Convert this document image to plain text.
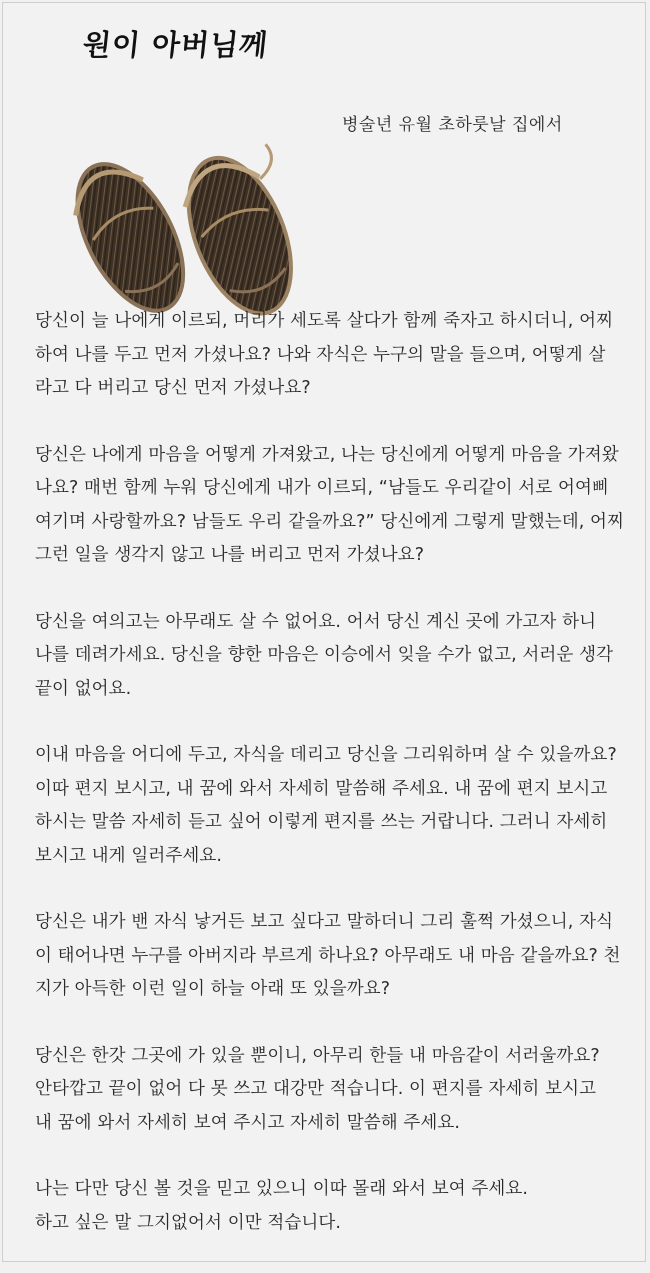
원이 아버님께
병술년 유월 초하룻날 집에서

당신이 늘 나에게 이르되, 머리가 세도록 살다가 함께 죽자고 하시더니, 어찌
하여 나를 두고 먼저 가셨나요? 나와 자식은 누구의 말을 들으며, 어떻게 살
라고 다 버리고 당신 먼저 가셨나요?

당신은 나에게 마음을 어떻게 가져왔고, 나는 당신에게 어떻게 마음을 가져왔
나요? 매번 함께 누워 당신에게 내가 이르되, “남들도 우리같이 서로 어여삐
여기며 사랑할까요? 남들도 우리 같을까요?” 당신에게 그렇게 말했는데, 어찌
그런 일을 생각지 않고 나를 버리고 먼저 가셨나요?

당신을 여의고는 아무래도 살 수 없어요. 어서 당신 계신 곳에 가고자 하니
나를 데려가세요. 당신을 향한 마음은 이승에서 잊을 수가 없고, 서러운 생각
끝이 없어요.

이내 마음을 어디에 두고, 자식을 데리고 당신을 그리워하며 살 수 있을까요?
이따 편지 보시고, 내 꿈에 와서 자세히 말씀해 주세요. 내 꿈에 편지 보시고
하시는 말씀 자세히 듣고 싶어 이렇게 편지를 쓰는 거랍니다. 그러니 자세히
보시고 내게 일러주세요.

당신은 내가 밴 자식 낳거든 보고 싶다고 말하더니 그리 훌쩍 가셨으니, 자식
이 태어나면 누구를 아버지라 부르게 하나요? 아무래도 내 마음 같을까요? 천
지가 아득한 이런 일이 하늘 아래 또 있을까요?

당신은 한갓 그곳에 가 있을 뿐이니, 아무리 한들 내 마음같이 서러울까요?
안타깝고 끝이 없어 다 못 쓰고 대강만 적습니다. 이 편지를 자세히 보시고
내 꿈에 와서 자세히 보여 주시고 자세히 말씀해 주세요.

나는 다만 당신 볼 것을 믿고 있으니 이따 몰래 와서 보여 주세요.
하고 싶은 말 그지없어서 이만 적습니다.
